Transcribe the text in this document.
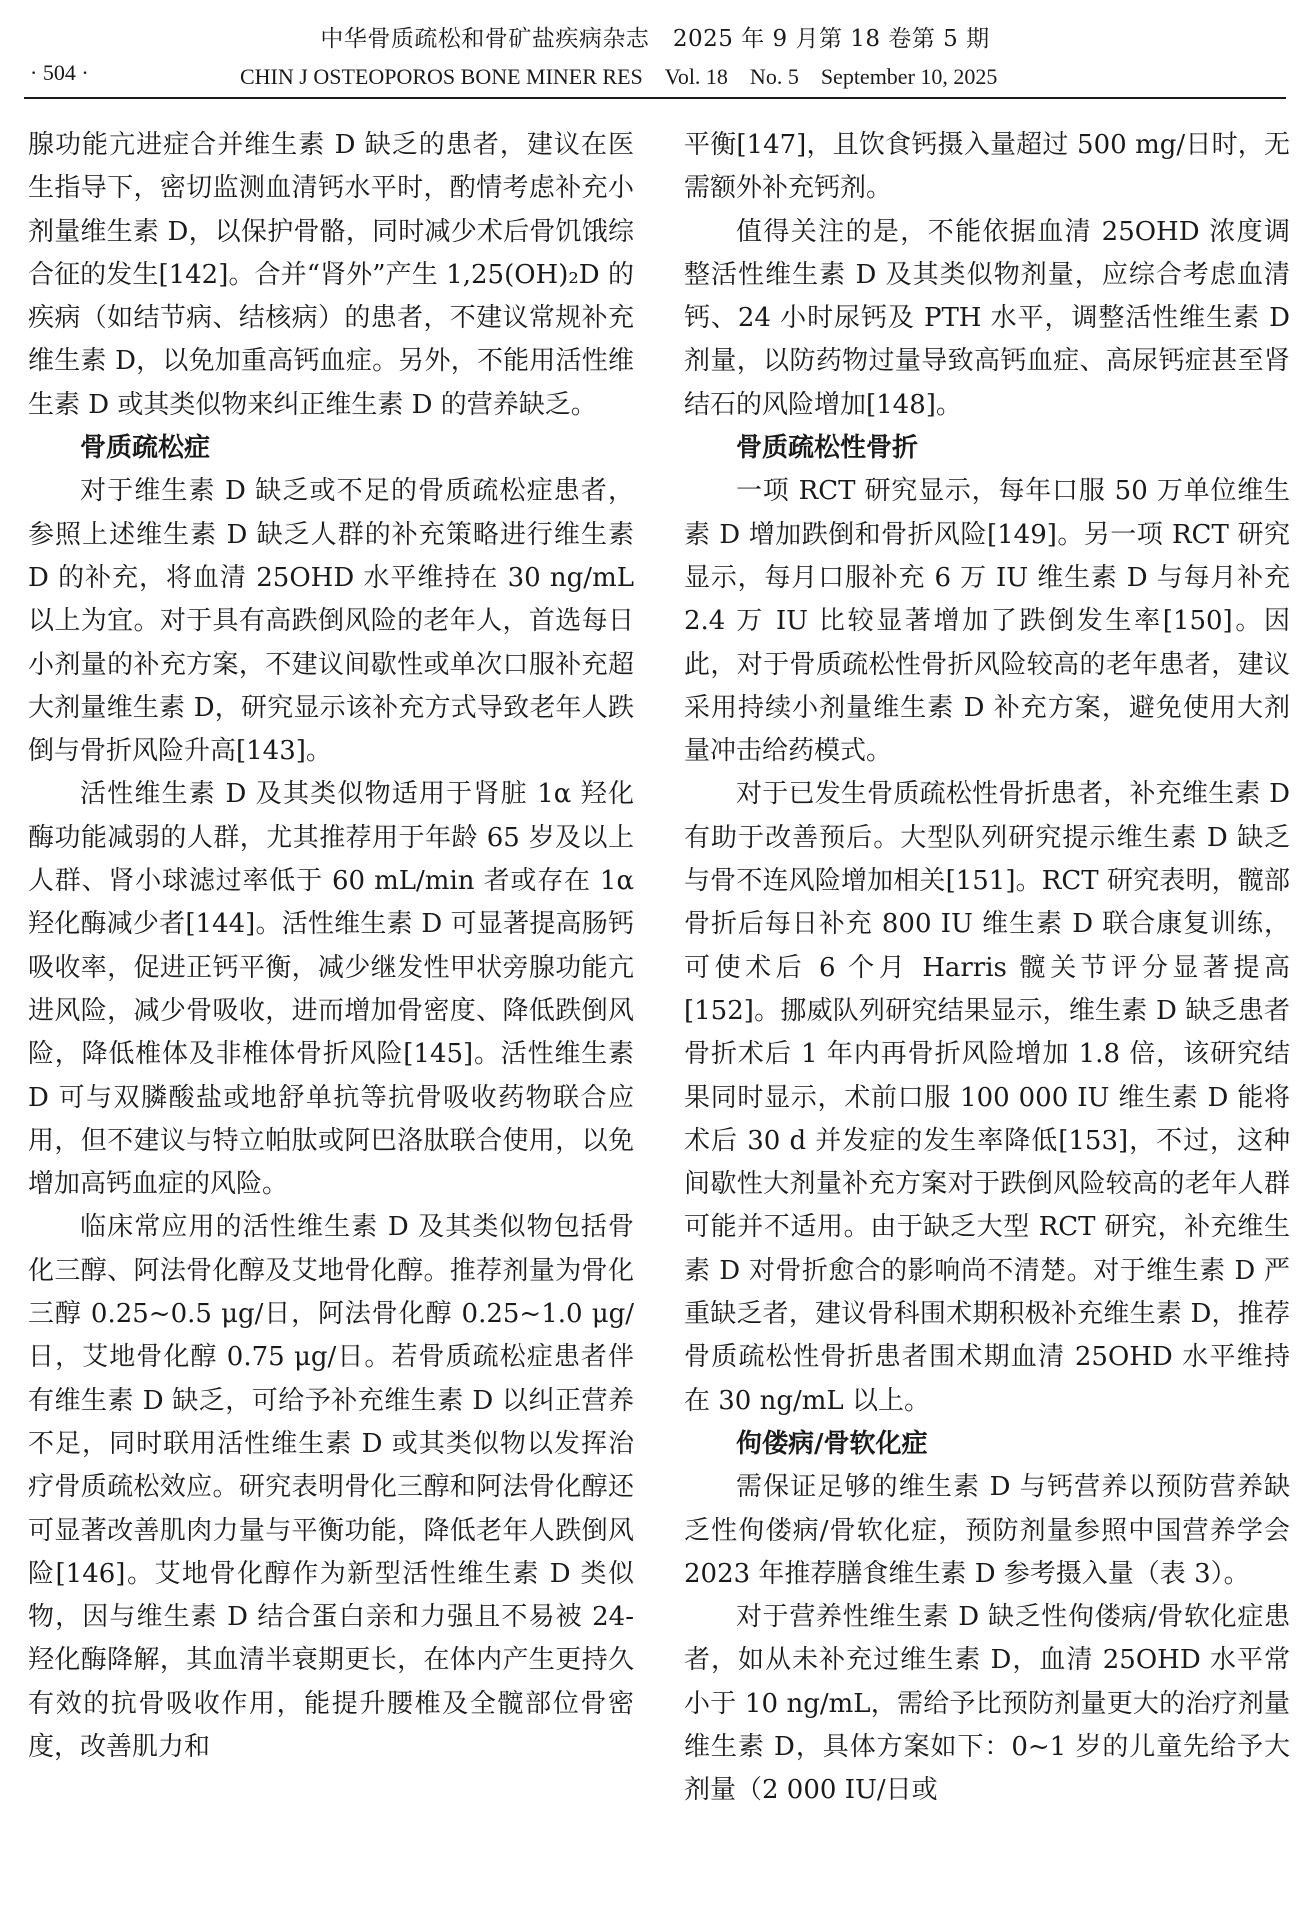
中华骨质疏松和骨矿盐疾病杂志　2025 年 9 月第 18 卷第 5 期
· 504 ·	CHIN J OSTEOPOROS BONE MINER RES　Vol. 18　No. 5　September 10, 2025

腺功能亢进症合并维生素 D 缺乏的患者，建议在医生指导下，密切监测血清钙水平时，酌情考虑补充小剂量维生素 D，以保护骨骼，同时减少术后骨饥饿综合征的发生[142]。合并“肾外”产生 1,25(OH)₂D 的疾病（如结节病、结核病）的患者，不建议常规补充维生素 D，以免加重高钙血症。另外，不能用活性维生素 D 或其类似物来纠正维生素 D 的营养缺乏。

骨质疏松症

对于维生素 D 缺乏或不足的骨质疏松症患者，参照上述维生素 D 缺乏人群的补充策略进行维生素 D 的补充，将血清 25OHD 水平维持在 30 ng/mL以上为宜。对于具有高跌倒风险的老年人，首选每日小剂量的补充方案，不建议间歇性或单次口服补充超大剂量维生素 D，研究显示该补充方式导致老年人跌倒与骨折风险升高[143]。

活性维生素 D 及其类似物适用于肾脏 1α 羟化酶功能减弱的人群，尤其推荐用于年龄 65 岁及以上人群、肾小球滤过率低于 60 mL/min 者或存在 1α 羟化酶减少者[144]。活性维生素 D 可显著提高肠钙吸收率，促进正钙平衡，减少继发性甲状旁腺功能亢进风险，减少骨吸收，进而增加骨密度、降低跌倒风险，降低椎体及非椎体骨折风险[145]。活性维生素 D 可与双膦酸盐或地舒单抗等抗骨吸收药物联合应用，但不建议与特立帕肽或阿巴洛肽联合使用，以免增加高钙血症的风险。

临床常应用的活性维生素 D 及其类似物包括骨化三醇、阿法骨化醇及艾地骨化醇。推荐剂量为骨化三醇 0.25~0.5 μg/日，阿法骨化醇 0.25~1.0 μg/日，艾地骨化醇 0.75 μg/日。若骨质疏松症患者伴有维生素 D 缺乏，可给予补充维生素 D 以纠正营养不足，同时联用活性维生素 D 或其类似物以发挥治疗骨质疏松效应。研究表明骨化三醇和阿法骨化醇还可显著改善肌肉力量与平衡功能，降低老年人跌倒风险[146]。艾地骨化醇作为新型活性维生素 D 类似物，因与维生素 D 结合蛋白亲和力强且不易被 24-羟化酶降解，其血清半衰期更长，在体内产生更持久有效的抗骨吸收作用，能提升腰椎及全髋部位骨密度，改善肌力和

平衡[147]，且饮食钙摄入量超过 500 mg/日时，无需额外补充钙剂。

值得关注的是，不能依据血清 25OHD 浓度调整活性维生素 D 及其类似物剂量，应综合考虑血清钙、24 小时尿钙及 PTH 水平，调整活性维生素 D 剂量，以防药物过量导致高钙血症、高尿钙症甚至肾结石的风险增加[148]。

骨质疏松性骨折

一项 RCT 研究显示，每年口服 50 万单位维生素 D 增加跌倒和骨折风险[149]。另一项 RCT 研究显示，每月口服补充 6 万 IU 维生素 D 与每月补充 2.4 万 IU 比较显著增加了跌倒发生率[150]。因此，对于骨质疏松性骨折风险较高的老年患者，建议采用持续小剂量维生素 D 补充方案，避免使用大剂量冲击给药模式。

对于已发生骨质疏松性骨折患者，补充维生素 D 有助于改善预后。大型队列研究提示维生素 D 缺乏与骨不连风险增加相关[151]。RCT 研究表明，髋部骨折后每日补充 800 IU 维生素 D 联合康复训练，可使术后 6 个月 Harris 髋关节评分显著提高[152]。挪威队列研究结果显示，维生素 D 缺乏患者骨折术后 1 年内再骨折风险增加 1.8 倍，该研究结果同时显示，术前口服 100 000 IU 维生素 D 能将术后 30 d 并发症的发生率降低[153]，不过，这种间歇性大剂量补充方案对于跌倒风险较高的老年人群可能并不适用。由于缺乏大型 RCT 研究，补充维生素 D 对骨折愈合的影响尚不清楚。对于维生素 D 严重缺乏者，建议骨科围术期积极补充维生素 D，推荐骨质疏松性骨折患者围术期血清 25OHD 水平维持在 30 ng/mL 以上。

佝偻病/骨软化症

需保证足够的维生素 D 与钙营养以预防营养缺乏性佝偻病/骨软化症，预防剂量参照中国营养学会 2023 年推荐膳食维生素 D 参考摄入量（表 3）。

对于营养性维生素 D 缺乏性佝偻病/骨软化症患者，如从未补充过维生素 D，血清 25OHD 水平常小于 10 ng/mL，需给予比预防剂量更大的治疗剂量维生素 D，具体方案如下：0~1 岁的儿童先给予大剂量（2 000 IU/日或
